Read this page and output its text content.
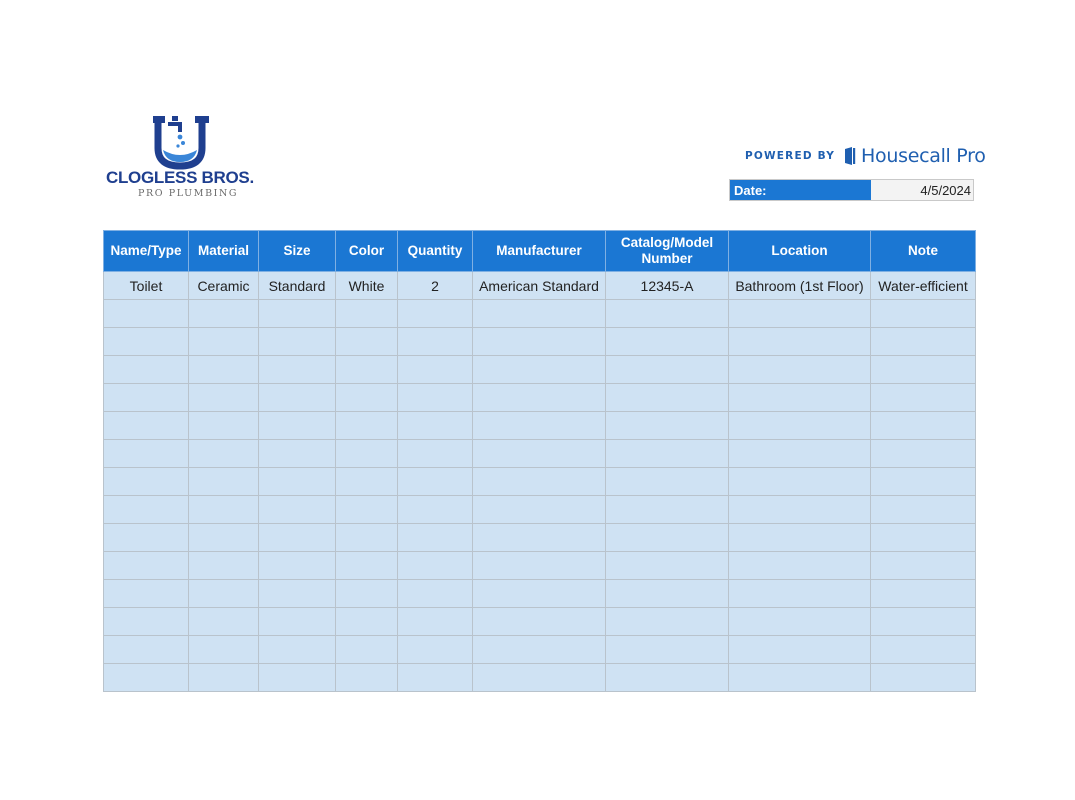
CLOGLESS BROS.
PRO PLUMBING
POWERED BY Housecall Pro
Date:	4/5/2024
Name/Type	Material	Size	Color	Quantity	Manufacturer	Catalog/Model Number	Location	Note
Toilet	Ceramic	Standard	White	2	American Standard	12345-A	Bathroom (1st Floor)	Water-efficient
